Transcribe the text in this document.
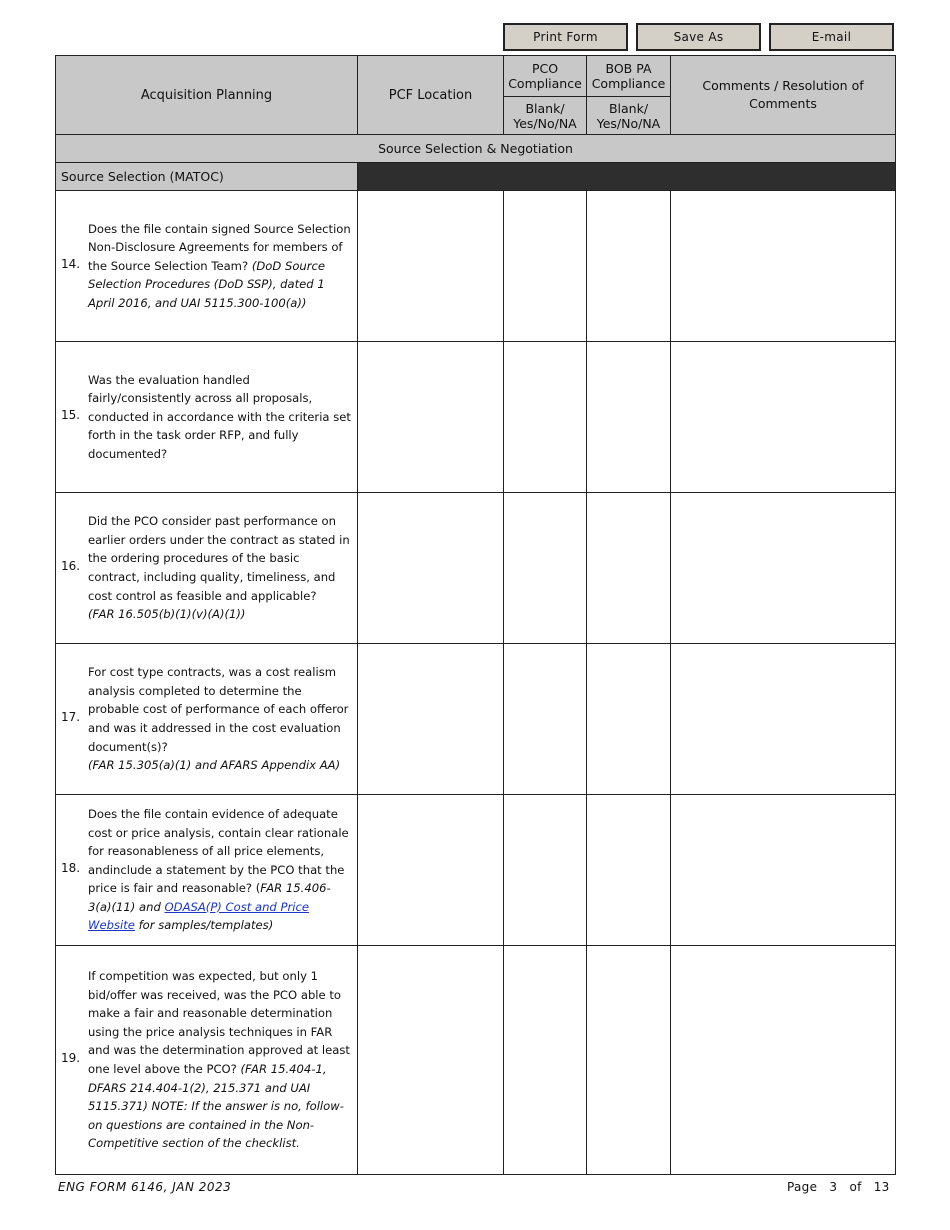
Print Form	Save As	E-mail
Acquisition Planning	PCF Location	PCO Compliance	BOB PA Compliance	Comments / Resolution of Comments
		Blank/ Yes/No/NA	Blank/ Yes/No/NA	
Source Selection & Negotiation				
Source Selection (MATOC)				

14.
Does the file contain signed Source Selection Non-Disclosure Agreements for members of the Source Selection Team? (DoD Source Selection Procedures (DoD SSP), dated 1 April 2016, and UAI 5115.300-100(a))				

15.
Was the evaluation handled fairly/consistently across all proposals, conducted in accordance with the criteria set forth in the task order RFP, and fully documented?				

16.
Did the PCO consider past performance on earlier orders under the contract as stated in the ordering procedures of the basic contract, including quality, timeliness, and cost control as feasible and applicable?
(FAR 16.505(b)(1)(v)(A)(1))				

17.
For cost type contracts, was a cost realism analysis completed to determine the probable cost of performance of each offeror and was it addressed in the cost evaluation document(s)?
(FAR 15.305(a)(1) and AFARS Appendix AA)				

18.
Does the file contain evidence of adequate cost or price analysis, contain clear rationale for reasonableness of all price elements, andinclude a statement by the PCO that the price is fair and reasonable? (FAR 15.406-3(a)(11) and ODASA(P) Cost and Price Website for samples/templates)				

19.
If competition was expected, but only 1 bid/offer was received, was the PCO able to make a fair and reasonable determination using the price analysis techniques in FAR and was the determination approved at least one level above the PCO? (FAR 15.404-1, DFARS 214.404-1(2), 215.371 and UAI 5115.371) NOTE: If the answer is no, follow-on questions are contained in the Non-Competitive section of the checklist.				

ENG FORM 6146, JAN 2023	Page 3 of 13
